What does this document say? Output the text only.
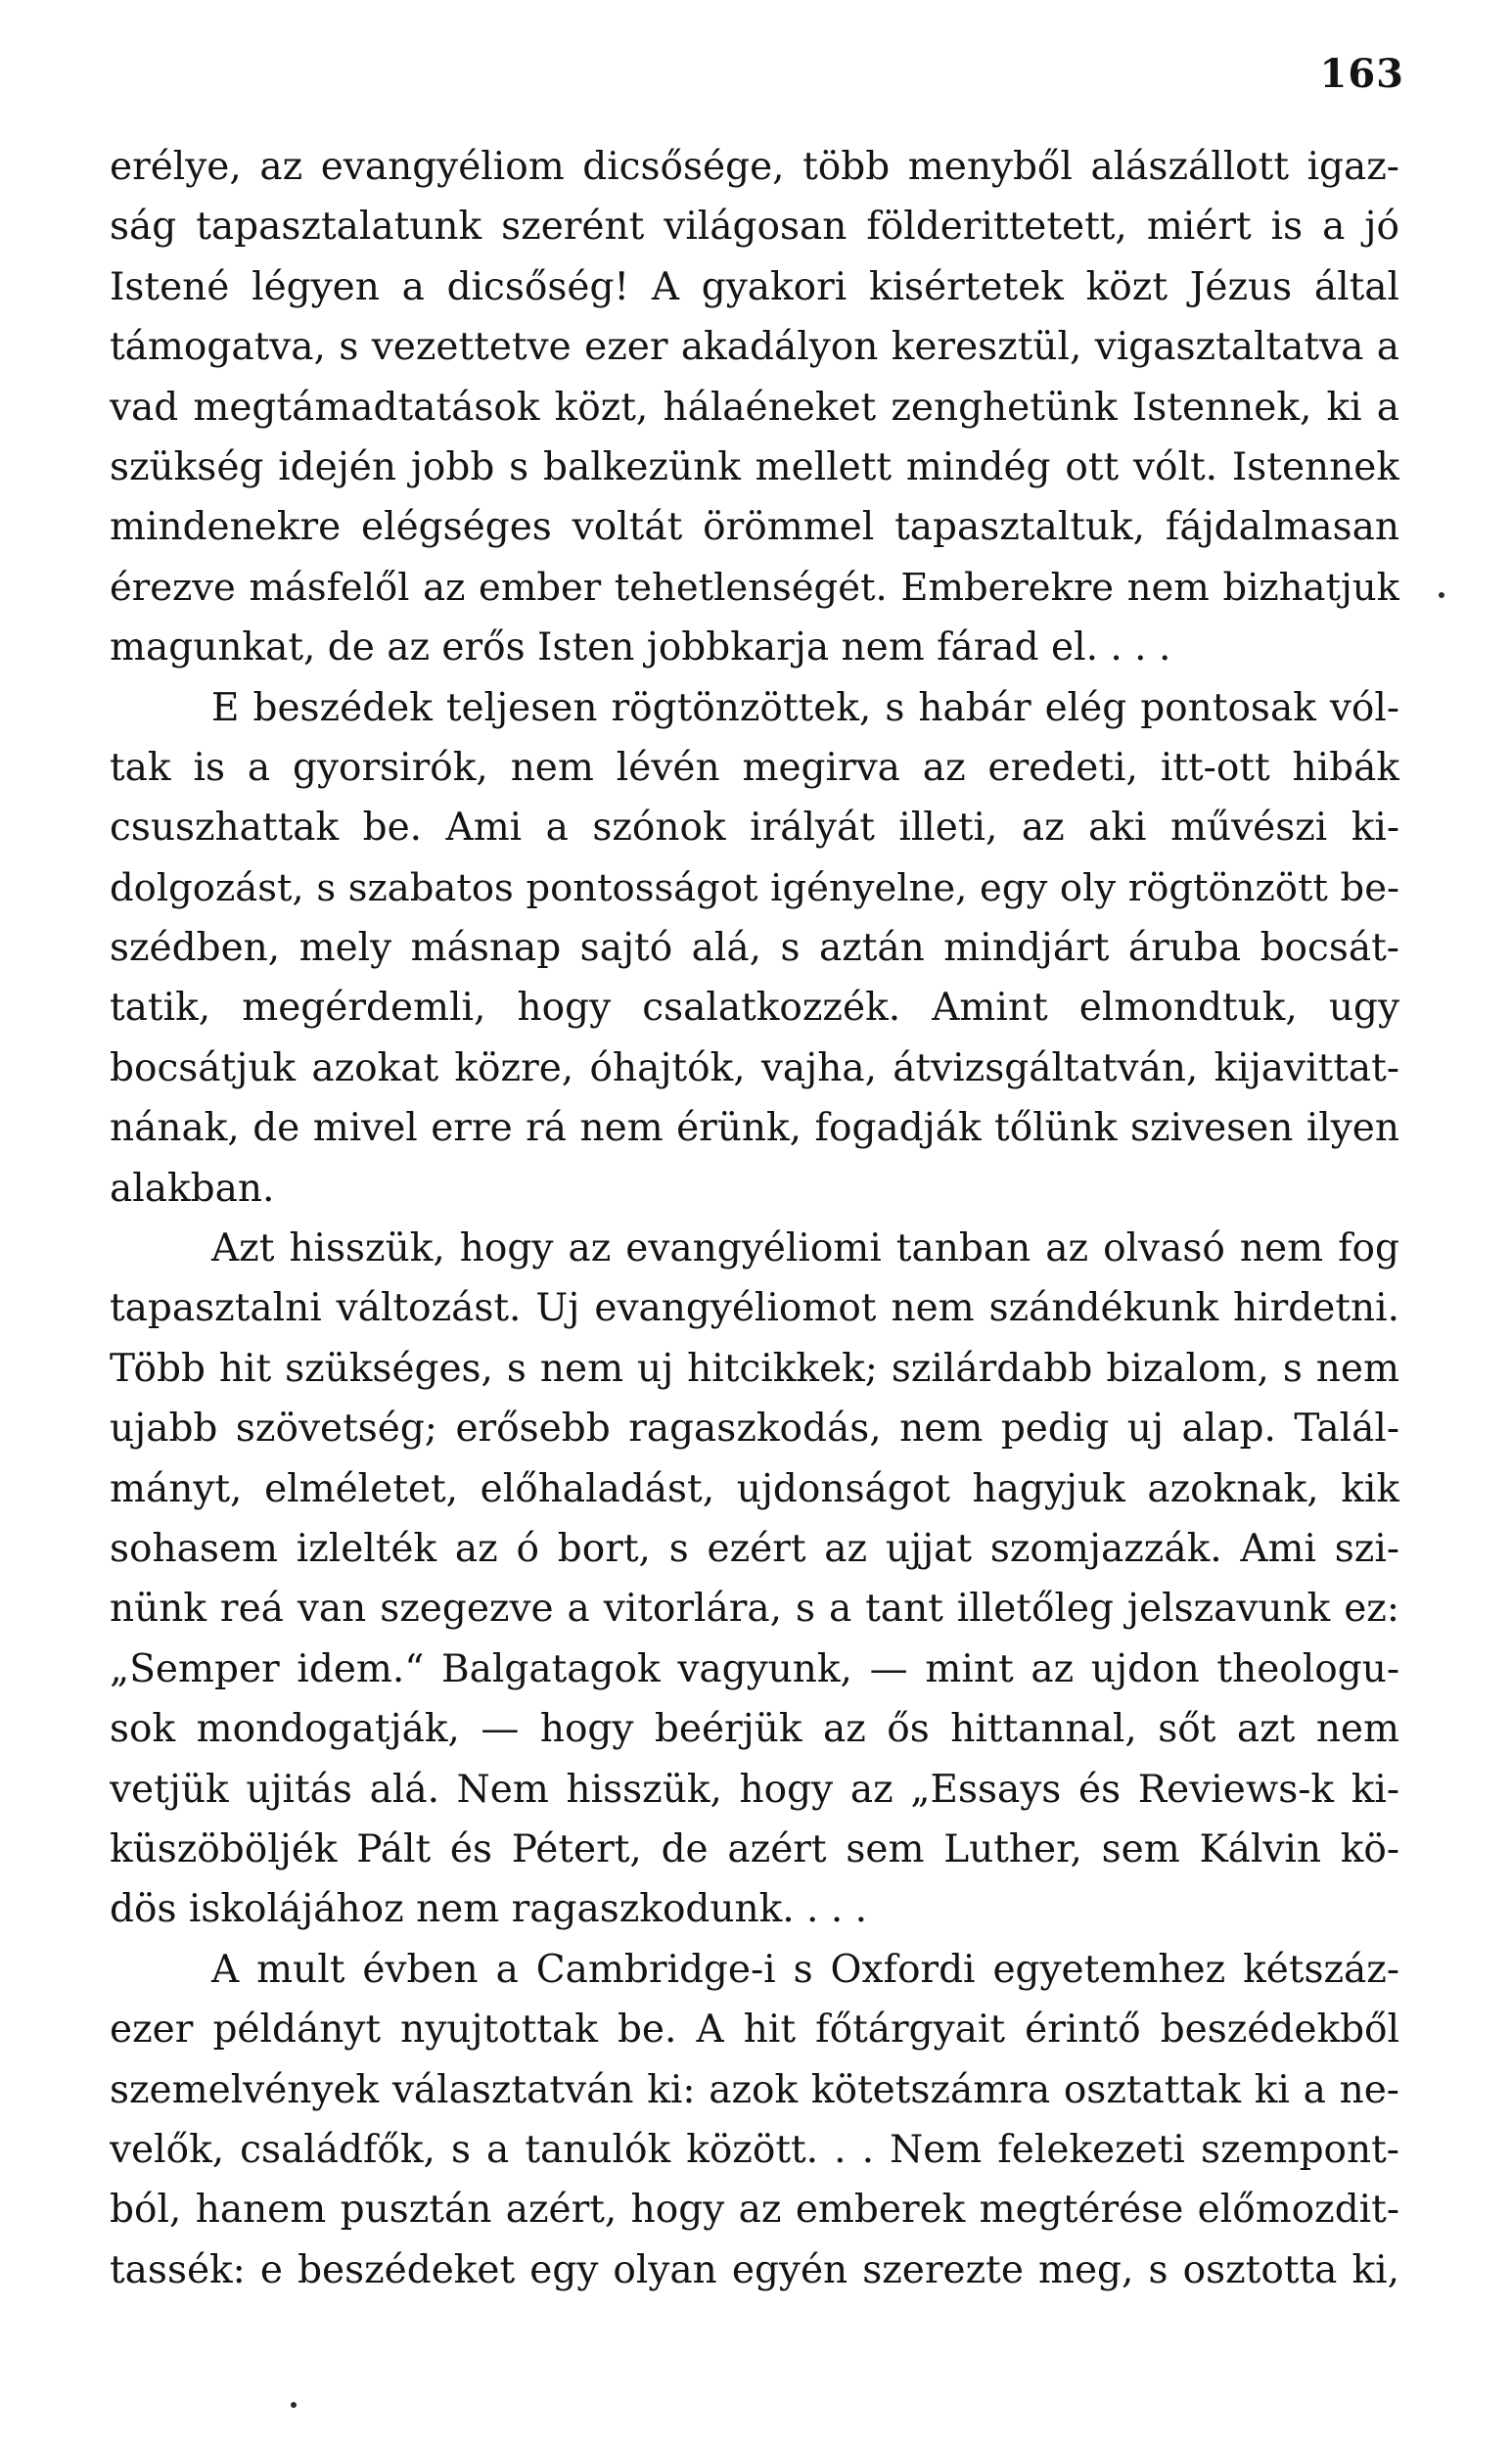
163
erélye, az evangyéliom dicsősége, több menyből alászállott igaz-
ság tapasztalatunk szerént világosan földerittetett, miért is a jó
Istené légyen a dicsőség! A gyakori kisértetek közt Jézus által
támogatva, s vezettetve ezer akadályon keresztül, vigasztaltatva a
vad megtámadtatások közt, hálaéneket zenghetünk Istennek, ki a
szükség idején jobb s balkezünk mellett mindég ott vólt. Istennek
mindenekre elégséges voltát örömmel tapasztaltuk, fájdalmasan
érezve másfelől az ember tehetlenségét. Emberekre nem bizhatjuk
magunkat, de az erős Isten jobbkarja nem fárad el. . . .
E beszédek teljesen rögtönzöttek, s habár elég pontosak vól-
tak is a gyorsirók, nem lévén megirva az eredeti, itt-ott hibák
csuszhattak be. Ami a szónok irályát illeti, az aki művészi ki-
dolgozást, s szabatos pontosságot igényelne, egy oly rögtönzött be-
szédben, mely másnap sajtó alá, s aztán mindjárt áruba bocsát-
tatik, megérdemli, hogy csalatkozzék. Amint elmondtuk, ugy
bocsátjuk azokat közre, óhajtók, vajha, átvizsgáltatván, kijavittat-
nának, de mivel erre rá nem érünk, fogadják tőlünk szivesen ilyen
alakban.
Azt hisszük, hogy az evangyéliomi tanban az olvasó nem fog
tapasztalni változást. Uj evangyéliomot nem szándékunk hirdetni.
Több hit szükséges, s nem uj hitcikkek; szilárdabb bizalom, s nem
ujabb szövetség; erősebb ragaszkodás, nem pedig uj alap. Talál-
mányt, elméletet, előhaladást, ujdonságot hagyjuk azoknak, kik
sohasem izlelték az ó bort, s ezért az ujjat szomjazzák. Ami szi-
nünk reá van szegezve a vitorlára, s a tant illetőleg jelszavunk ez:
„Semper idem.“ Balgatagok vagyunk, — mint az ujdon theologu-
sok mondogatják, — hogy beérjük az ős hittannal, sőt azt nem
vetjük ujitás alá. Nem hisszük, hogy az „Essays és Reviews-k ki-
küszöböljék Pált és Pétert, de azért sem Luther, sem Kálvin kö-
dös iskolájához nem ragaszkodunk. . . .
A mult évben a Cambridge-i s Oxfordi egyetemhez kétszáz-
ezer példányt nyujtottak be. A hit főtárgyait érintő beszédekből
szemelvények választatván ki: azok kötetszámra osztattak ki a ne-
velők, családfők, s a tanulók között. . . Nem felekezeti szempont-
ból, hanem pusztán azért, hogy az emberek megtérése előmozdit-
tassék: e beszédeket egy olyan egyén szerezte meg, s osztotta ki,
